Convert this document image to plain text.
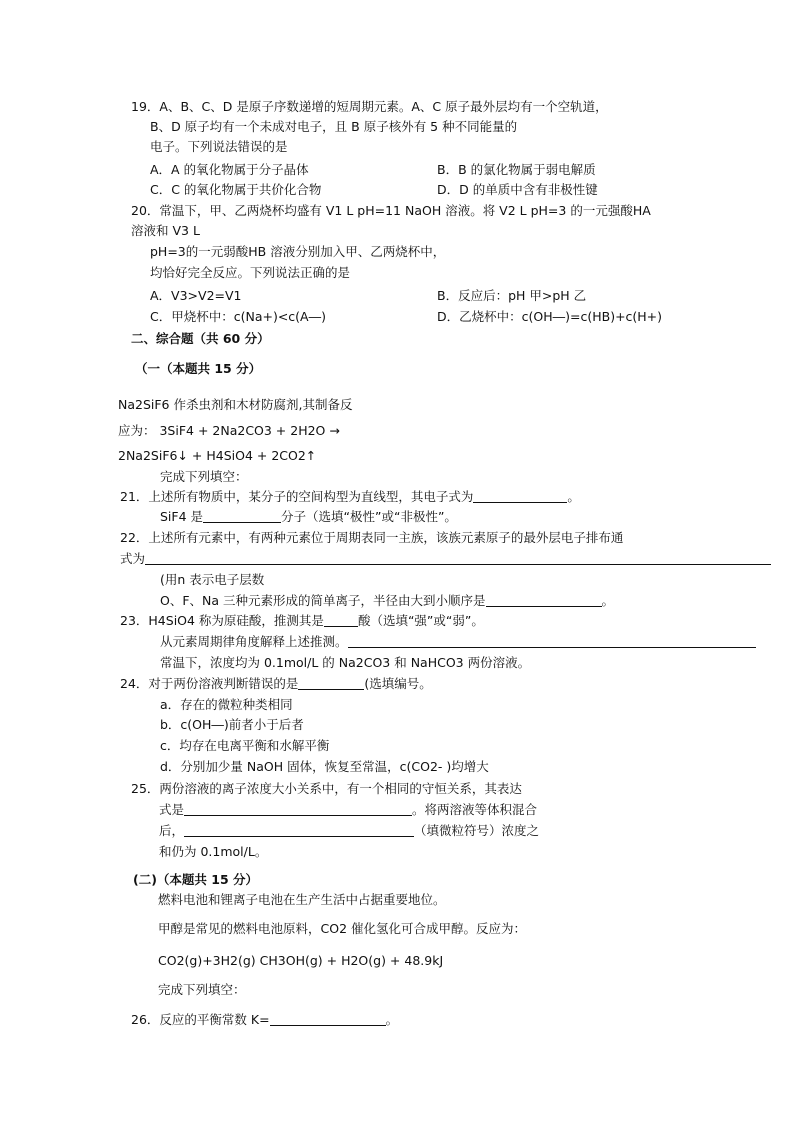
19．A、B、C、D 是原子序数递增的短周期元素。A、C 原子最外层均有一个空轨道，
B、D 原子均有一个未成对电子，且 B 原子核外有 5 种不同能量的
电子。下列说法错误的是
A．A 的氧化物属于分子晶体	B．B 的氯化物属于弱电解质
C．C 的氧化物属于共价化合物	D．D 的单质中含有非极性键
20．常温下，甲、乙两烧杯均盛有 V1 L pH=11 NaOH 溶液。将 V2 L pH=3 的一元强酸HA
溶液和 V3 L
pH=3的一元弱酸HB 溶液分别加入甲、乙两烧杯中，
均恰好完全反应。下列说法正确的是
A．V3>V2=V1	B．反应后：pH 甲>pH 乙
C．甲烧杯中：c(Na+)<c(A―)	D．乙烧杯中：c(OH―)=c(HB)+c(H+)
二、综合题（共 60 分）
（一（本题共 15 分）
Na2SiF6 作杀虫剂和木材防腐剂,其制备反
应为： 3SiF4 + 2Na2CO3 + 2H2O →
2Na2SiF6↓ + H4SiO4 + 2CO2↑
完成下列填空：
21．上述所有物质中，某分子的空间构型为直线型，其电子式为	。
SiF4 是	分子（选填“极性”或“非极性”。
22．上述所有元素中，有两种元素位于周期表同一主族，该族元素原子的最外层电子排布通
式为
(用n 表示电子层数
O、F、Na 三种元素形成的简单离子，半径由大到小顺序是	。
23．H4SiO4 称为原硅酸，推测其是	酸（选填“强”或“弱”。
从元素周期律角度解释上述推测。
常温下，浓度均为 0.1mol/L 的 Na2CO3 和 NaHCO3 两份溶液。
24．对于两份溶液判断错误的是	(选填编号。
a．存在的微粒种类相同
b．c(OH―)前者小于后者
c．均存在电离平衡和水解平衡
d．分别加少量 NaOH 固体，恢复至常温，c(CO2- )均增大
25．两份溶液的离子浓度大小关系中，有一个相同的守恒关系，其表达
式是	。将两溶液等体积混合
后，	（填微粒符号）浓度之
和仍为 0.1mol/L。
(二)（本题共 15 分）
燃料电池和锂离子电池在生产生活中占据重要地位。
甲醇是常见的燃料电池原料，CO2 催化氢化可合成甲醇。反应为：
CO2(g)+3H2(g) CH3OH(g) + H2O(g) + 48.9kJ
完成下列填空：
26．反应的平衡常数 K=	。
